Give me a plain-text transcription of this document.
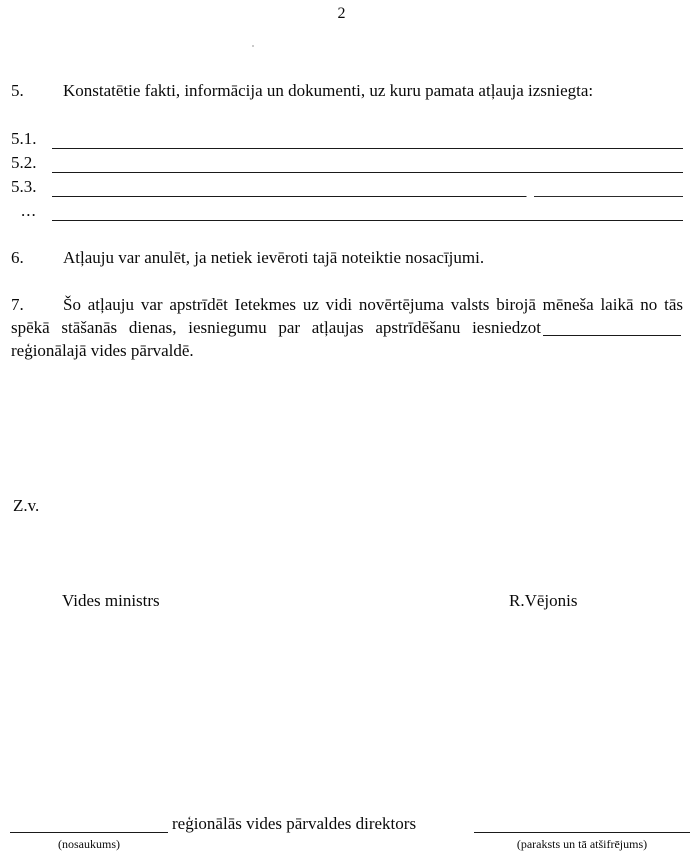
2
5. Konstatētie fakti, informācija un dokumenti, uz kuru pamata atļauja izsniegta:
5.1.
5.2.
5.3.
...
6. Atļauju var anulēt, ja netiek ievēroti tajā noteiktie nosacījumi.
7. Šo atļauju var apstrīdēt Ietekmes uz vidi novērtējuma valsts birojā mēneša laikā no tās spēkā stāšanās dienas, iesniegumu par atļaujas apstrīdēšanu iesniedzotreģionālajā vides pārvaldē.
reģionālās vides pārvaldes direktors
(nosaukums)	(paraksts un tā atšifrējums)
Z.v.
Vides ministrs	R.Vējonis
